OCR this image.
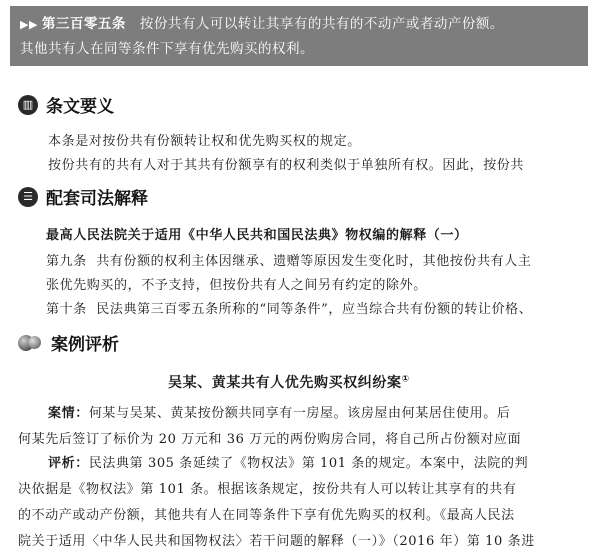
▶▶ 第三百零五条 按份共有人可以转让其享有的共有的不动产或者动产份额。
其他共有人在同等条件下享有优先购买的权利。
▥ 条文要义
本条是对按份共有份额转让权和优先购买权的规定。
按份共有的共有人对于其共有份额享有的权利类似于单独所有权。因此，按份共
☰ 配套司法解释
最高人民法院关于适用《中华人民共和国民法典》物权编的解释（一）
第九条 共有份额的权利主体因继承、遗赠等原因发生变化时，其他按份共有人主
张优先购买的，不予支持，但按份共有人之间另有约定的除外。
第十条 民法典第三百零五条所称的“同等条件”，应当综合共有份额的转让价格、
案例评析
吴某、黄某共有人优先购买权纠纷案①
案情：何某与吴某、黄某按份额共同享有一房屋。该房屋由何某居住使用。后
何某先后签订了标价为 20 万元和 36 万元的两份购房合同，将自己所占份额对应面
评析：民法典第 305 条延续了《物权法》第 101 条的规定。本案中，法院的判
决依据是《物权法》第 101 条。根据该条规定，按份共有人可以转让其享有的共有
的不动产或动产份额，其他共有人在同等条件下享有优先购买的权利。《最高人民法
院关于适用〈中华人民共和国物权法〉若干问题的解释（一）》（2016 年）第 10 条进
